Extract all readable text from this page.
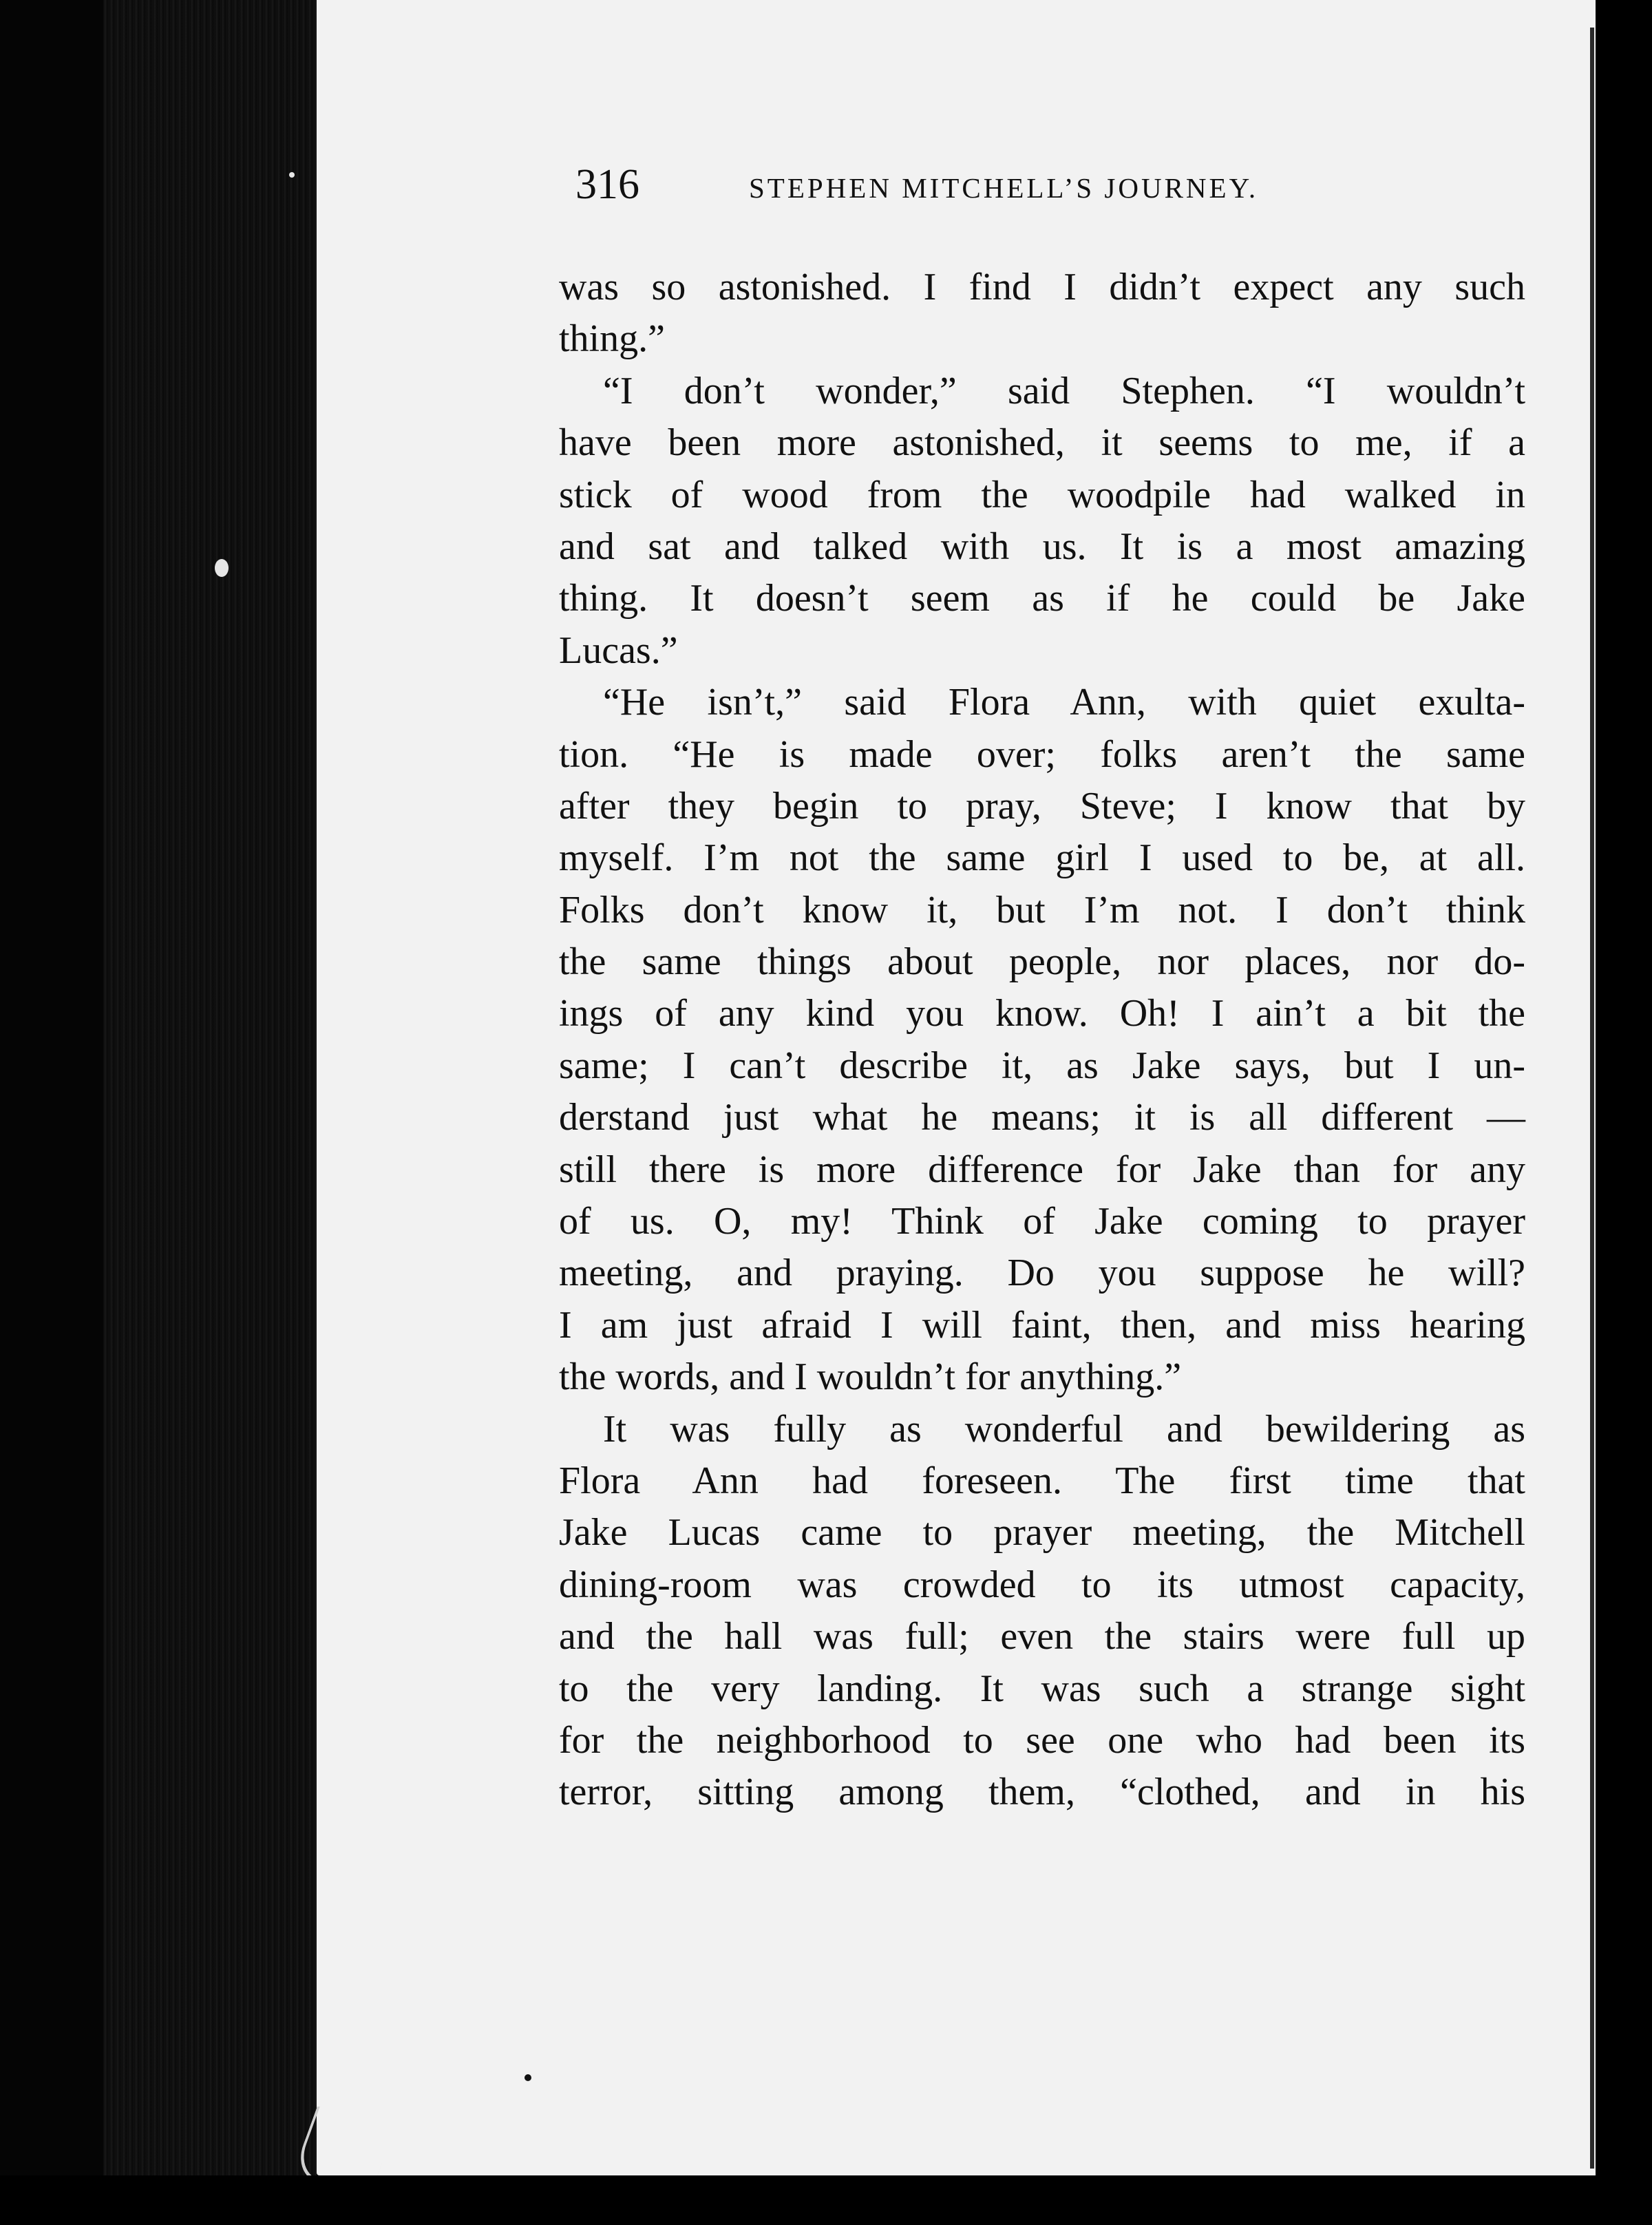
316	STEPHEN MITCHELL’S JOURNEY.
was so astonished. I find I didn’t expect any such
thing.”
“I don’t wonder,” said Stephen. “I wouldn’t
have been more astonished, it seems to me, if a
stick of wood from the woodpile had walked in
and sat and talked with us. It is a most amazing
thing. It doesn’t seem as if he could be Jake
Lucas.”
“He isn’t,” said Flora Ann, with quiet exulta-
tion. “He is made over; folks aren’t the same
after they begin to pray, Steve; I know that by
myself. I’m not the same girl I used to be, at all.
Folks don’t know it, but I’m not. I don’t think
the same things about people, nor places, nor do-
ings of any kind you know. Oh! I ain’t a bit the
same; I can’t describe it, as Jake says, but I un-
derstand just what he means; it is all different —
still there is more difference for Jake than for any
of us. O, my! Think of Jake coming to prayer
meeting, and praying. Do you suppose he will?
I am just afraid I will faint, then, and miss hearing
the words, and I wouldn’t for anything.”
It was fully as wonderful and bewildering as
Flora Ann had foreseen. The first time that
Jake Lucas came to prayer meeting, the Mitchell
dining-room was crowded to its utmost capacity,
and the hall was full; even the stairs were full up
to the very landing. It was such a strange sight
for the neighborhood to see one who had been its
terror, sitting among them, “clothed, and in his
